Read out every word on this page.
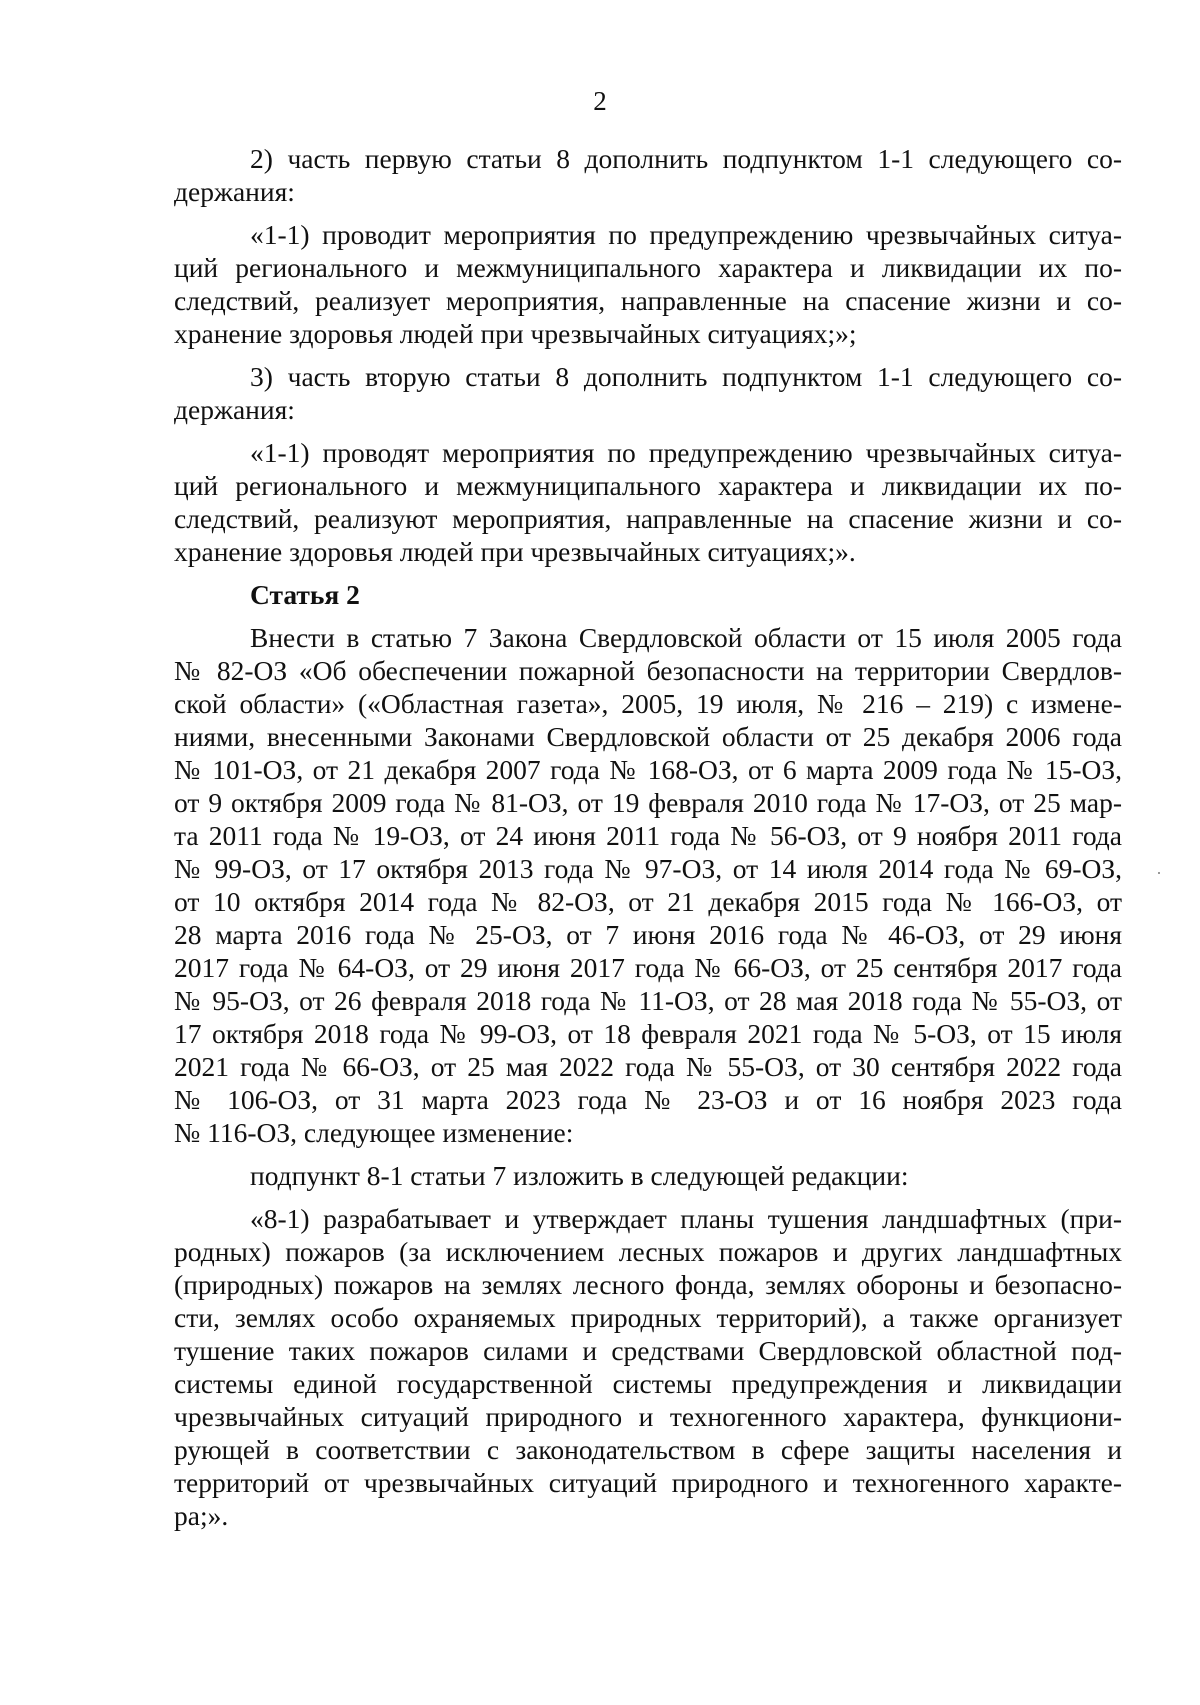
2
2) часть первую статьи 8 дополнить подпунктом 1-1 следующего со-
держания:
«1-1) проводит мероприятия по предупреждению чрезвычайных ситуа-
ций регионального и межмуниципального характера и ликвидации их по-
следствий, реализует мероприятия, направленные на спасение жизни и со-
хранение здоровья людей при чрезвычайных ситуациях;»;
3) часть вторую статьи 8 дополнить подпунктом 1-1 следующего со-
держания:
«1-1) проводят мероприятия по предупреждению чрезвычайных ситуа-
ций регионального и межмуниципального характера и ликвидации их по-
следствий, реализуют мероприятия, направленные на спасение жизни и со-
хранение здоровья людей при чрезвычайных ситуациях;».
Статья 2
Внести в статью 7 Закона Свердловской области от 15 июля 2005 года
№ 82-ОЗ «Об обеспечении пожарной безопасности на территории Свердлов-
ской области» («Областная газета», 2005, 19 июля, № 216 – 219) с измене-
ниями, внесенными Законами Свердловской области от 25 декабря 2006 года
№ 101-ОЗ, от 21 декабря 2007 года № 168-ОЗ, от 6 марта 2009 года № 15-ОЗ,
от 9 октября 2009 года № 81-ОЗ, от 19 февраля 2010 года № 17-ОЗ, от 25 мар-
та 2011 года № 19-ОЗ, от 24 июня 2011 года № 56-ОЗ, от 9 ноября 2011 года
№ 99-ОЗ, от 17 октября 2013 года № 97-ОЗ, от 14 июля 2014 года № 69-ОЗ,
от 10 октября 2014 года № 82-ОЗ, от 21 декабря 2015 года № 166-ОЗ, от
28 марта 2016 года № 25-ОЗ, от 7 июня 2016 года № 46-ОЗ, от 29 июня
2017 года № 64-ОЗ, от 29 июня 2017 года № 66-ОЗ, от 25 сентября 2017 года
№ 95-ОЗ, от 26 февраля 2018 года № 11-ОЗ, от 28 мая 2018 года № 55-ОЗ, от
17 октября 2018 года № 99-ОЗ, от 18 февраля 2021 года № 5-ОЗ, от 15 июля
2021 года № 66-ОЗ, от 25 мая 2022 года № 55-ОЗ, от 30 сентября 2022 года
№ 106-ОЗ, от 31 марта 2023 года № 23-ОЗ и от 16 ноября 2023 года
№ 116-ОЗ, следующее изменение:
подпункт 8-1 статьи 7 изложить в следующей редакции:
«8-1) разрабатывает и утверждает планы тушения ландшафтных (при-
родных) пожаров (за исключением лесных пожаров и других ландшафтных
(природных) пожаров на землях лесного фонда, землях обороны и безопасно-
сти, землях особо охраняемых природных территорий), а также организует
тушение таких пожаров силами и средствами Свердловской областной под-
системы единой государственной системы предупреждения и ликвидации
чрезвычайных ситуаций природного и техногенного характера, функциони-
рующей в соответствии с законодательством в сфере защиты населения и
территорий от чрезвычайных ситуаций природного и техногенного характе-
ра;».
